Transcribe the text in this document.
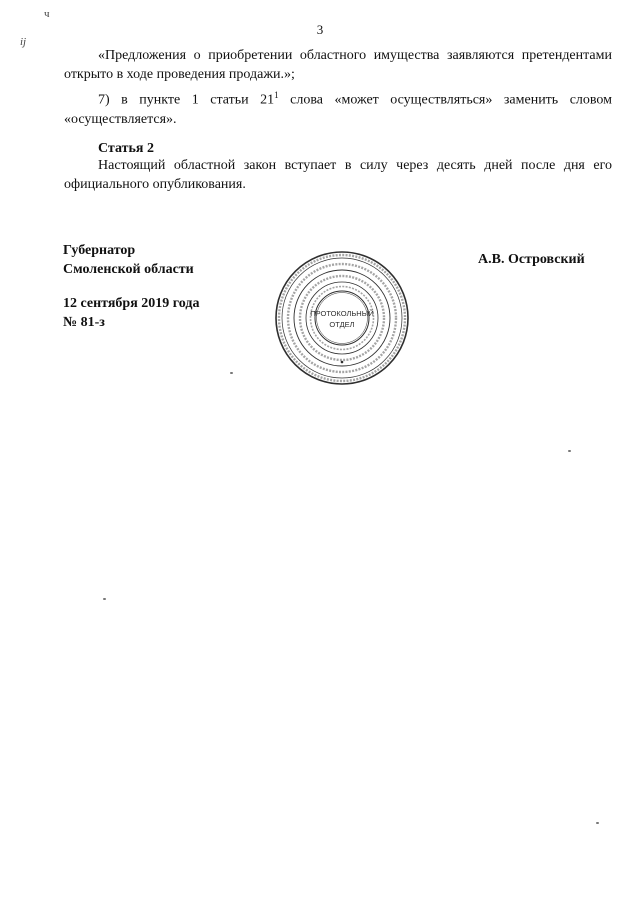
3
ч
ij

«Предложения о приобретении областного имущества заявляются претендентами открыто в ходе проведения продажи.»;

7) в пункте 1 статьи $21^1$ слова «может осуществляться» заменить словом «осуществляется».

Статья 2

Настоящий областной закон вступает в силу через десять дней после дня его официального опубликования.

Губернатор
Смоленской области
А.В. Островский
12 сентября 2019 года
№ 81-з
ПРОТОКОЛЬНЫЙ
ОТДЕЛ
